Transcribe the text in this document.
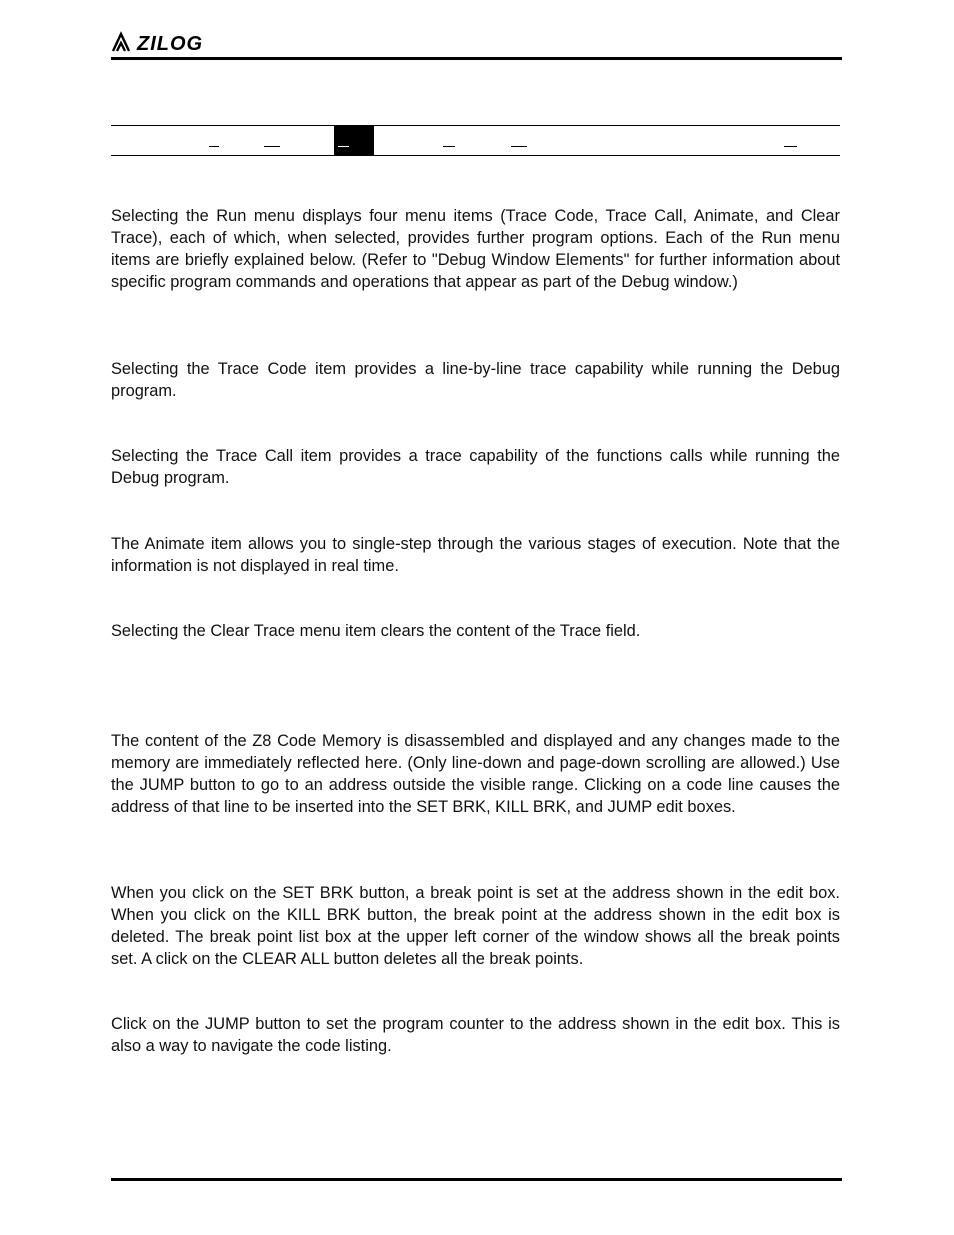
ZILOG

Selecting the Run menu displays four menu items (Trace Code, Trace Call, Animate, and Clear Trace), each of which, when selected, provides further program options. Each of the Run menu items are briefly explained below. (Refer to "Debug Window Elements" for further information about specific program commands and operations that appear as part of the Debug window.)

Selecting the Trace Code item provides a line-by-line trace capability while running the Debug program.

Selecting the Trace Call item provides a trace capability of the functions calls while running the Debug program.

The Animate item allows you to single-step through the various stages of execution. Note that the information is not displayed in real time.

Selecting the Clear Trace menu item clears the content of the Trace field.

The content of the Z8 Code Memory is disassembled and displayed and any changes made to the memory are immediately reflected here. (Only line-down and page-down scrolling are allowed.) Use the JUMP button to go to an address outside the visible range. Clicking on a code line causes the address of that line to be inserted into the SET BRK, KILL BRK, and JUMP edit boxes.

When you click on the SET BRK button, a break point is set at the address shown in the edit box. When you click on the KILL BRK button, the break point at the address shown in the edit box is deleted. The break point list box at the upper left corner of the window shows all the break points set. A click on the CLEAR ALL button deletes all the break points.

Click on the JUMP button to set the program counter to the address shown in the edit box. This is also a way to navigate the code listing.
